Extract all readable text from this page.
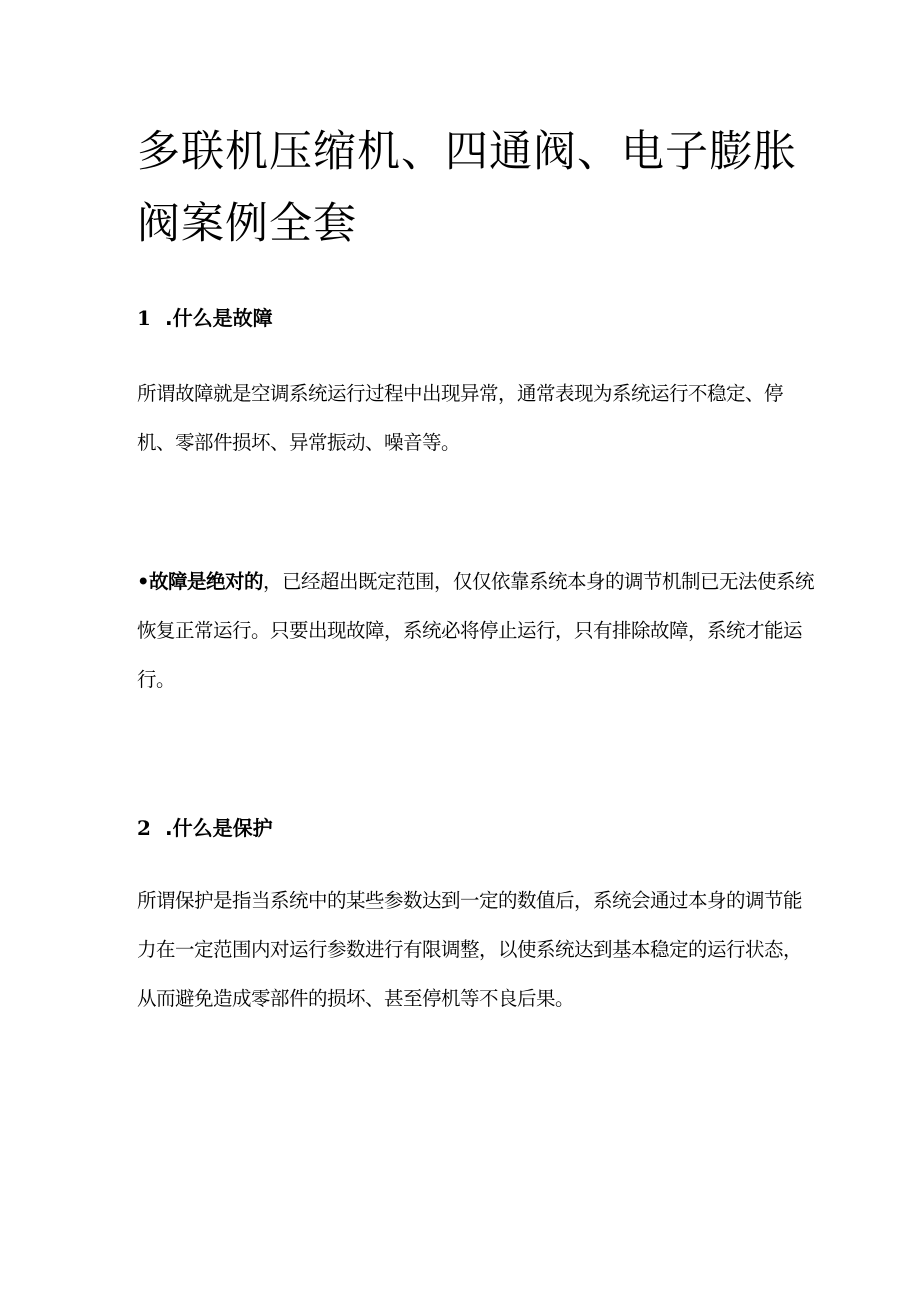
多联机压缩机、四通阀、电子膨胀阀案例全套
1 .什么是故障

所谓故障就是空调系统运行过程中出现异常，通常表现为系统运行不稳定、停机、零部件损坏、异常振动、噪音等。

•故障是绝对的，已经超出既定范围，仅仅依靠系统本身的调节机制已无法使系统恢复正常运行。只要出现故障，系统必将停止运行，只有排除故障，系统才能运行。

2 .什么是保护

所谓保护是指当系统中的某些参数达到一定的数值后，系统会通过本身的调节能力在一定范围内对运行参数进行有限调整，以使系统达到基本稳定的运行状态，从而避免造成零部件的损坏、甚至停机等不良后果。
